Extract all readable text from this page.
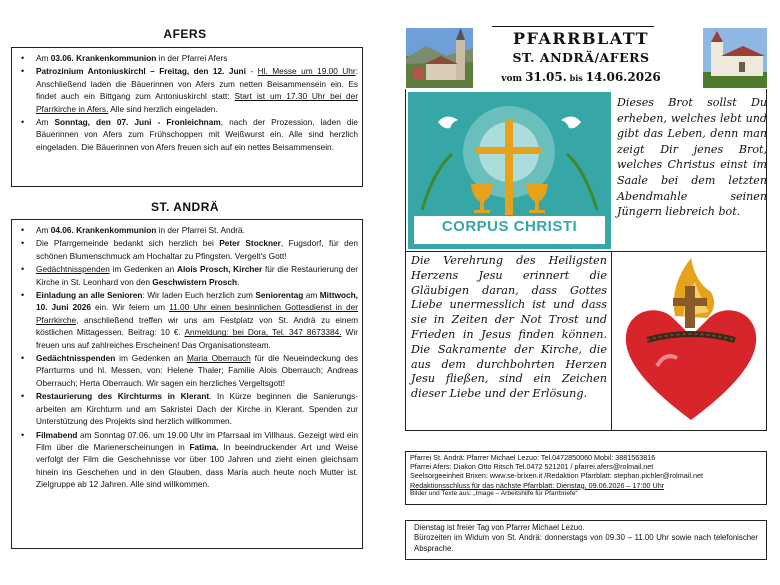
AFERS
• Am 03.06. Krankenkommunion in der Pfarrei Afers
• Patrozinium Antoniuskirchl – Freitag, den 12. Juni - Hl. Messe um 19.00 Uhr: Anschließend laden die Bäuerinnen von Afers zum netten Beisammensein ein. Es findet auch ein Bittgang zum Antoniuskirchl statt: Start ist um 17.30 Uhr bei der Pfarrkirche in Afers. Alle sind herzlich eingeladen.
• Am Sonntag, den 07. Juni - Fronleichnam, nach der Prozession, laden die Bäuerinnen von Afers zum Frühschoppen mit Weißwurst ein. Alle sind herzlich eingeladen. Die Bäuerinnen von Afers freuen sich auf ein nettes Beisammensein.
ST. ANDRÄ
• Am 04.06. Krankenkommunion in der Pfarrei St. Andrä.
• Die Pfarrgemeinde bedankt sich herzlich bei Peter Stockner, Fugsdorf, für den schönen Blumenschmuck am Hochaltar zu Pfingsten. Vergelt's Gott!
• Gedächtnisspenden im Gedenken an Alois Prosch, Kircher für die Restaurierung der Kirche in St. Leonhard von den Geschwistern Prosch.
• Einladung an alle Senioren: Wir laden Euch herzlich zum Seniorentag am Mittwoch, 10. Juni 2026 ein. Wir feiern um 11.00 Uhr einen besinnlichen Gottesdienst in der Pfarrkirche, anschließend treffen wir uns am Festplatz von St. Andrä zu einem köstlichen Mittagessen. Beitrag: 10 €. Anmeldung: bei Dora, Tel. 347 8673384. Wir freuen uns auf zahlreiches Erscheinen! Das Organisationsteam.
• Gedächtnisspenden im Gedenken an Maria Oberrauch für die Neueindeckung des Pfarrturms und hl. Messen, von: Helene Thaler; Familie Alois Oberrauch; Andreas Oberrauch; Herta Oberrauch. Wir sagen ein herzliches Vergeltsgott!
• Restaurierung des Kirchturms in Klerant. In Kürze beginnen die Sanierungs-arbeiten am Kirchturm und am Sakristei Dach der Kirche in Klerant. Spenden zur Unterstützung des Projekts sind herzlich willkommen.
• Filmabend am Sonntag 07.06. um 19.00 Uhr im Pfarrsaal im Villhaus. Gezeigt wird ein Film über die Marienerscheinungen in Fatima. In beeindruckender Art und Weise verfolgt der Film die Geschehnisse vor über 100 Jahren und zieht einen gleichsam hinein ins Geschehen und in den Glauben, dass Maria auch heute noch Mutter ist. Zielgruppe ab 12 Jahren. Alle sind willkommen.
PFARRBLATT
ST. ANDRÄ/AFERS
vom 31.05. bis 14.06.2026
CORPUS CHRISTI
Dieses Brot sollst Du erheben, welches lebt und gibt das Leben, denn man zeigt Dir jenes Brot, welches Christus einst im Saale bei dem letzten Abendmahle seinen Jüngern liebreich bot.
Die Verehrung des Heiligsten Herzens Jesu erinnert die Gläubigen daran, dass Gottes Liebe unermesslich ist und dass sie in Zeiten der Not Trost und Frieden in Jesus finden können. Die Sakramente der Kirche, die aus dem durchbohrten Herzen Jesu fließen, sind ein Zeichen dieser Liebe und der Erlösung.
Pfarrei St. Andrä: Pfarrer Michael Lezuo: Tel.0472850060 Mobil: 3881563816
Pfarrei Afers: Diakon Otto Ritsch Tel.0472 521201 / pfarrei.afers@rolmail.net
Seelsorgeeinheit Brixen: www.se-brixen.it /Redaktion Pfarrblatt: stephan.pichler@rolmail.net
Redaktionsschluss für das nächste Pfarrblatt: Dienstag, 09.06.2026 – 17:00 Uhr
Bilder und Texte aus: „Image – Arbeitshilfe für Pfarrbriefe“
Dienstag ist freier Tag von Pfarrer Michael Lezuo.
Bürozeiten im Widum von St. Andrä: donnerstags von 09.30 – 11.00 Uhr sowie nach telefonischer Absprache.
